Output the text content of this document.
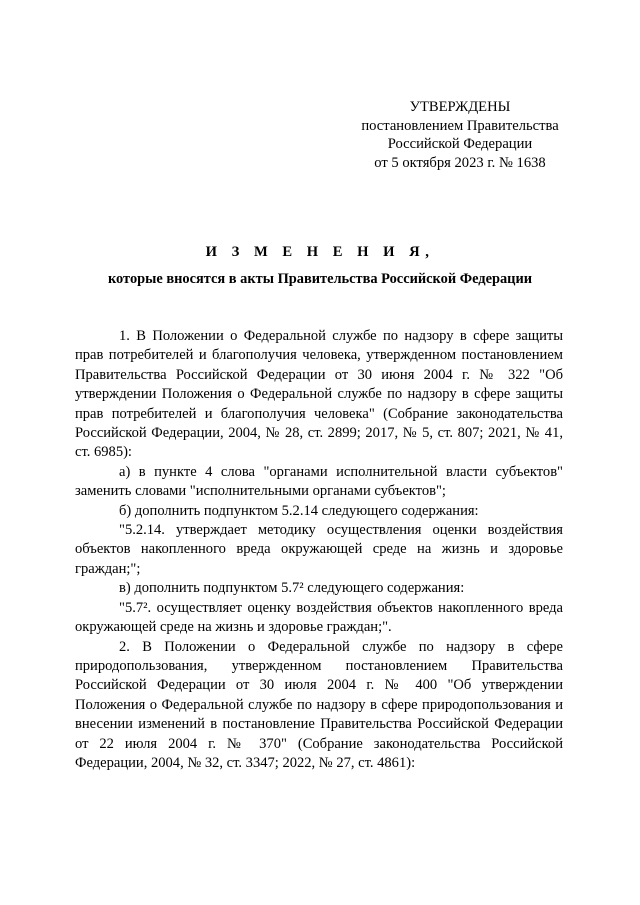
УТВЕРЖДЕНЫ
постановлением Правительства
Российской Федерации
от 5 октября 2023 г. № 1638
И З М Е Н Е Н И Я,
которые вносятся в акты Правительства Российской Федерации

1. В Положении о Федеральной службе по надзору в сфере защиты прав потребителей и благополучия человека, утвержденном постановлением Правительства Российской Федерации от 30 июня 2004 г. № 322 "Об утверждении Положения о Федеральной службе по надзору в сфере защиты прав потребителей и благополучия человека" (Собрание законодательства Российской Федерации, 2004, № 28, ст. 2899; 2017, № 5, ст. 807; 2021, № 41, ст. 6985):

а) в пункте 4 слова "органами исполнительной власти субъектов" заменить словами "исполнительными органами субъектов";

б) дополнить подпунктом 5.2.14 следующего содержания:

"5.2.14. утверждает методику осуществления оценки воздействия объектов накопленного вреда окружающей среде на жизнь и здоровье граждан;";

в) дополнить подпунктом 5.7² следующего содержания:

"5.7². осуществляет оценку воздействия объектов накопленного вреда окружающей среде на жизнь и здоровье граждан;".

2. В Положении о Федеральной службе по надзору в сфере природопользования, утвержденном постановлением Правительства Российской Федерации от 30 июля 2004 г. № 400 "Об утверждении Положения о Федеральной службе по надзору в сфере природопользования и внесении изменений в постановление Правительства Российской Федерации от 22 июля 2004 г. № 370" (Собрание законодательства Российской Федерации, 2004, № 32, ст. 3347; 2022, № 27, ст. 4861):
